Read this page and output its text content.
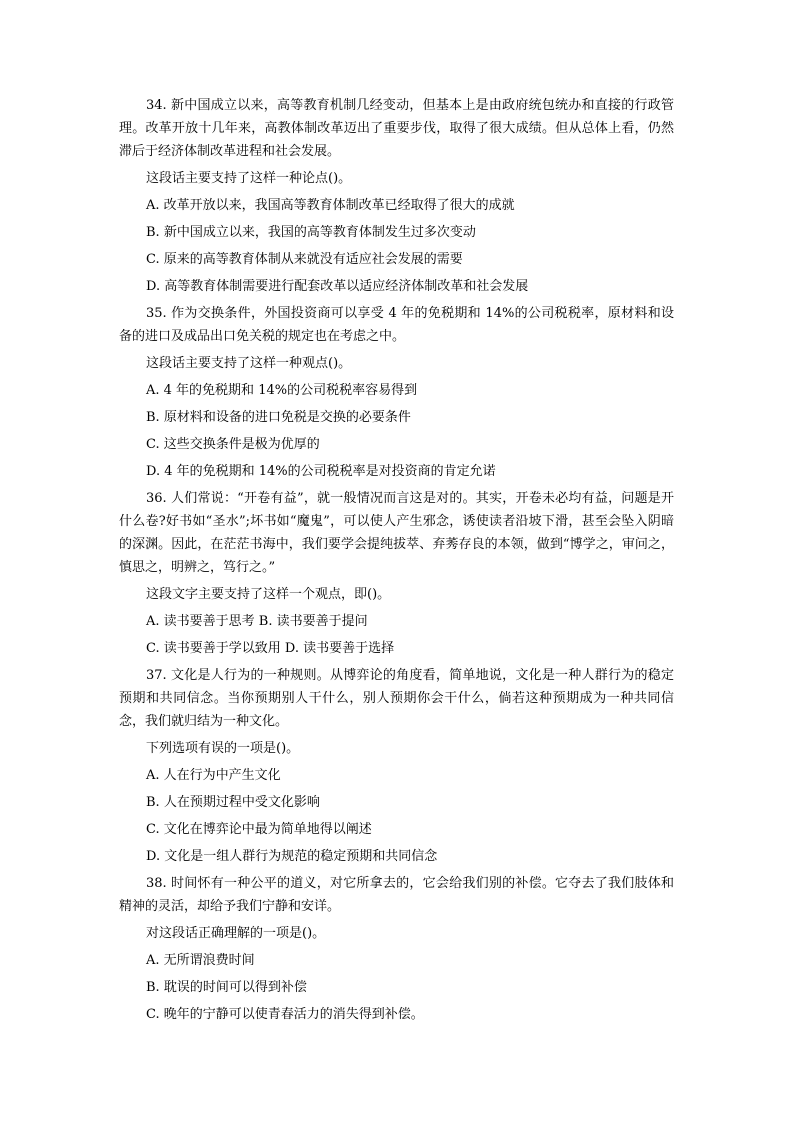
34. 新中国成立以来，高等教育机制几经变动，但基本上是由政府统包统办和直接的行政管理。改革开放十几年来，高教体制改革迈出了重要步伐，取得了很大成绩。但从总体上看，仍然滞后于经济体制改革进程和社会发展。

这段话主要支持了这样一种论点()。

A. 改革开放以来，我国高等教育体制改革已经取得了很大的成就

B. 新中国成立以来，我国的高等教育体制发生过多次变动

C. 原来的高等教育体制从来就没有适应社会发展的需要

D. 高等教育体制需要进行配套改革以适应经济体制改革和社会发展

35. 作为交换条件，外国投资商可以享受 4 年的免税期和 14%的公司税税率，原材料和设备的进口及成品出口免关税的规定也在考虑之中。

这段话主要支持了这样一种观点()。

A. 4 年的免税期和 14%的公司税税率容易得到

B. 原材料和设备的进口免税是交换的必要条件

C. 这些交换条件是极为优厚的

D. 4 年的免税期和 14%的公司税税率是对投资商的肯定允诺

36. 人们常说：“开卷有益”，就一般情况而言这是对的。其实，开卷未必均有益，问题是开什么卷?好书如“圣水”;坏书如“魔鬼”，可以使人产生邪念，诱使读者沿坡下滑，甚至会坠入阴暗的深渊。因此，在茫茫书海中，我们要学会提纯拔萃、弃莠存良的本领，做到“博学之，审问之，慎思之，明辨之，笃行之。”

这段文字主要支持了这样一个观点，即()。

A. 读书要善于思考 B. 读书要善于提问

C. 读书要善于学以致用 D. 读书要善于选择

37. 文化是人行为的一种规则。从博弈论的角度看，简单地说，文化是一种人群行为的稳定预期和共同信念。当你预期别人干什么，别人预期你会干什么，倘若这种预期成为一种共同信念，我们就归结为一种文化。

下列选项有误的一项是()。

A. 人在行为中产生文化

B. 人在预期过程中受文化影响

C. 文化在博弈论中最为简单地得以阐述

D. 文化是一组人群行为规范的稳定预期和共同信念

38. 时间怀有一种公平的道义，对它所拿去的，它会给我们别的补偿。它夺去了我们肢体和精神的灵活，却给予我们宁静和安详。

对这段话正确理解的一项是()。

A. 无所谓浪费时间

B. 耽误的时间可以得到补偿

C. 晚年的宁静可以使青春活力的消失得到补偿。
